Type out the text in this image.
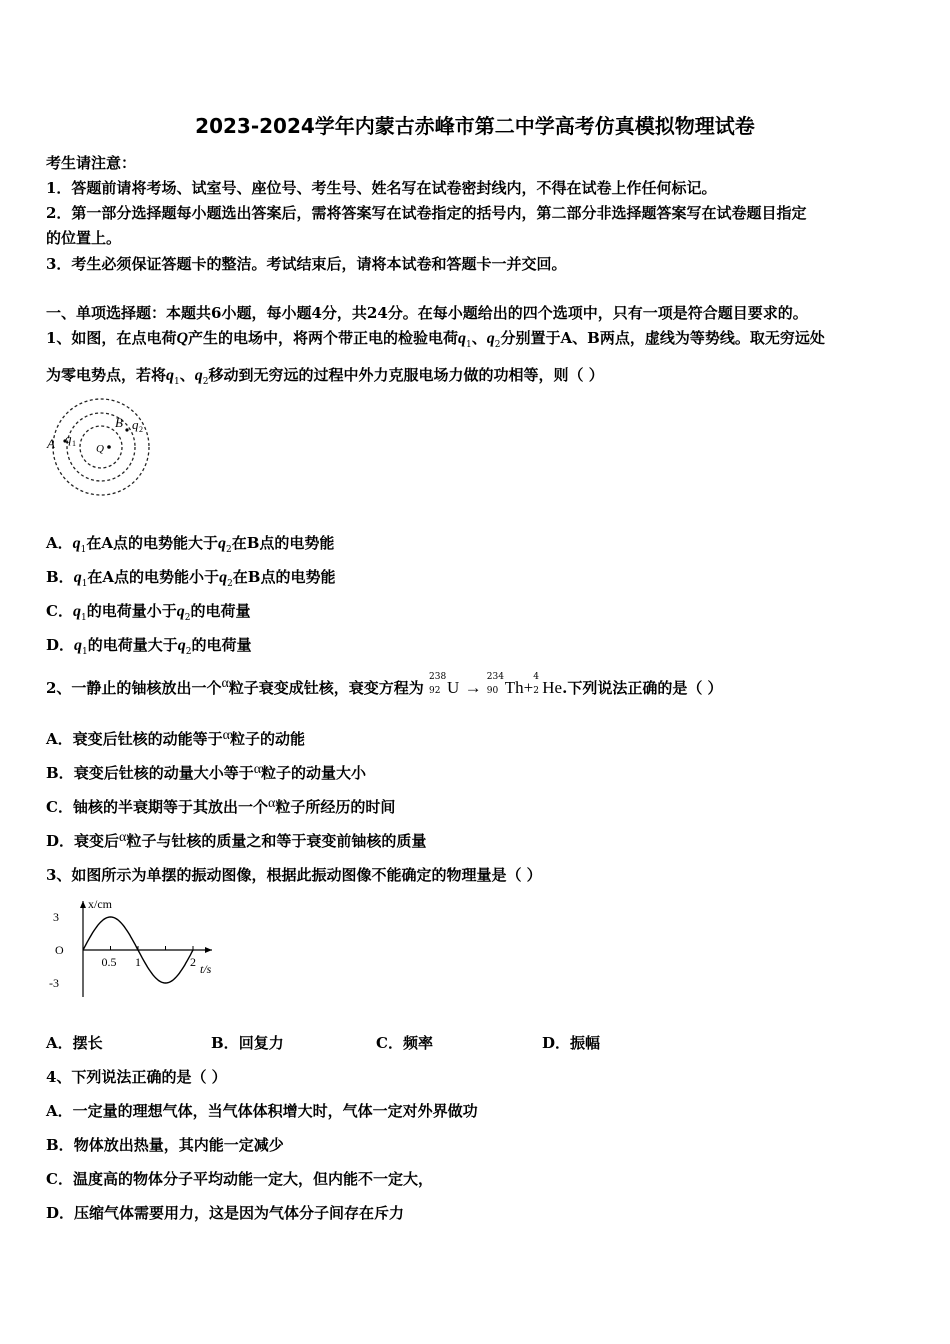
2023-2024学年内蒙古赤峰市第二中学高考仿真模拟物理试卷
考生请注意：
1．答题前请将考场、试室号、座位号、考生号、姓名写在试卷密封线内，不得在试卷上作任何标记。
2．第一部分选择题每小题选出答案后，需将答案写在试卷指定的括号内，第二部分非选择题答案写在试卷题目指定
的位置上。
3．考生必须保证答题卡的整洁。考试结束后，请将本试卷和答题卡一并交回。
一、单项选择题：本题共6小题，每小题4分，共24分。在每小题给出的四个选项中，只有一项是符合题目要求的。
1、如图，在点电荷Q产生的电场中，将两个带正电的检验电荷$q_1$、$q_2$分别置于A、B两点，虚线为等势线。取无穷远处
为零电势点，若将$q_1$、$q_2$移动到无穷远的过程中外力克服电场力做的功相等，则（ ）
A q 1
B q 2
Q
A．$q_1$在A点的电势能大于$q_2$在B点的电势能
B．$q_1$在A点的电势能小于$q_2$在B点的电势能
C．$q_1$的电荷量小于$q_2$的电荷量
D．$q_1$的电荷量大于$q_2$的电荷量
2、一静止的铀核放出一个α粒子衰变成钍核，衰变方程为
238
92 U →
234
90 Th+
4
2 He.下列说法正确的是（ ）
A．衰变后钍核的动能等于α粒子的动能
B．衰变后钍核的动量大小等于α粒子的动量大小
C．铀核的半衰期等于其放出一个α粒子所经历的时间
D．衰变后α粒子与钍核的质量之和等于衰变前铀核的质量
3、如图所示为单摆的振动图像，根据此振动图像不能确定的物理量是（ ）
x/cm
t/s
3
O
-3
0.5 1	2
A．摆长	B．回复力	C．频率	D．振幅
4、下列说法正确的是（ ）
A．一定量的理想气体，当气体体积增大时，气体一定对外界做功
B．物体放出热量，其内能一定减少
C．温度高的物体分子平均动能一定大，但内能不一定大，
D．压缩气体需要用力，这是因为气体分子间存在斥力
